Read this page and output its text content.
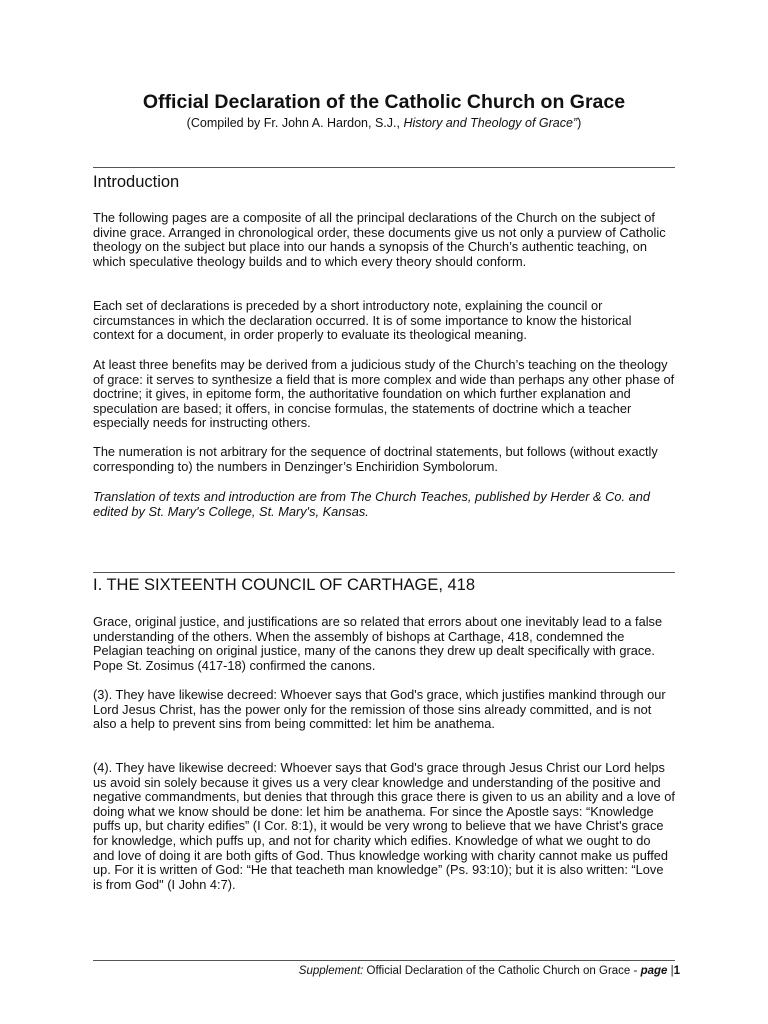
Official Declaration of the Catholic Church on Grace

(Compiled by Fr. John A. Hardon, S.J., History and Theology of Grace”)

Introduction

The following pages are a composite of all the principal declarations of the Church on the subject of divine grace. Arranged in chronological order, these documents give us not only a purview of Catholic theology on the subject but place into our hands a synopsis of the Church’s authentic teaching, on which speculative theology builds and to which every theory should conform.

Each set of declarations is preceded by a short introductory note, explaining the council or circumstances in which the declaration occurred. It is of some importance to know the historical context for a document, in order properly to evaluate its theological meaning.

At least three benefits may be derived from a judicious study of the Church’s teaching on the theology of grace: it serves to synthesize a field that is more complex and wide than perhaps any other phase of doctrine; it gives, in epitome form, the authoritative foundation on which further explanation and speculation are based; it offers, in concise formulas, the statements of doctrine which a teacher especially needs for instructing others.

The numeration is not arbitrary for the sequence of doctrinal statements, but follows (without exactly corresponding to) the numbers in Denzinger’s Enchiridion Symbolorum.

Translation of texts and introduction are from The Church Teaches, published by Herder & Co. and edited by St. Mary's College, St. Mary's, Kansas.

I. THE SIXTEENTH COUNCIL OF CARTHAGE, 418

Grace, original justice, and justifications are so related that errors about one inevitably lead to a false understanding of the others. When the assembly of bishops at Carthage, 418, condemned the Pelagian teaching on original justice, many of the canons they drew up dealt specifically with grace. Pope St. Zosimus (417-18) confirmed the canons.

(3). They have likewise decreed: Whoever says that God's grace, which justifies mankind through our Lord Jesus Christ, has the power only for the remission of those sins already committed, and is not also a help to prevent sins from being committed: let him be anathema.

(4). They have likewise decreed: Whoever says that God's grace through Jesus Christ our Lord helps us avoid sin solely because it gives us a very clear knowledge and understanding of the positive and negative commandments, but denies that through this grace there is given to us an ability and a love of doing what we know should be done: let him be anathema. For since the Apostle says: “Knowledge puffs up, but charity edifies” (I Cor. 8:1), it would be very wrong to believe that we have Christ's grace for knowledge, which puffs up, and not for charity which edifies. Knowledge of what we ought to do and love of doing it are both gifts of God. Thus knowledge working with charity cannot make us puffed up. For it is written of God: “He that teacheth man knowledge” (Ps. 93:10); but it is also written: “Love is from God" (I John 4:7).

Supplement: Official Declaration of the Catholic Church on Grace - page |1
